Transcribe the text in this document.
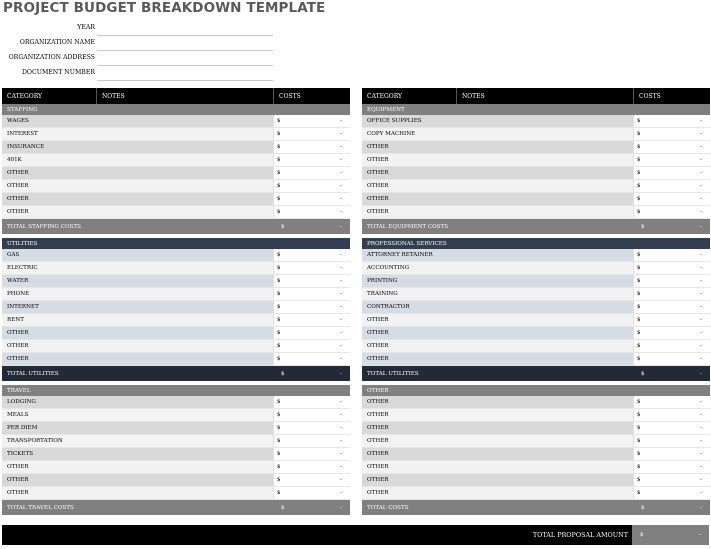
PROJECT BUDGET BREAKDOWN TEMPLATE
YEAR
ORGANIZATION NAME
ORGANIZATION ADDRESS
DOCUMENT NUMBER
CATEGORY	NOTES	COSTS
STAFFING
WAGES	$	-
INTEREST	$	-
INSURANCE	$	-
401K	$	-
OTHER	$	-
OTHER	$	-
OTHER	$	-
OTHER	$	-
TOTAL STAFFING COSTS	$	-
UTILITIES
GAS	$	-
ELECTRIC	$	-
WATER	$	-
PHONE	$	-
INTERNET	$	-
RENT	$	-
OTHER	$	-
OTHER	$	-
OTHER	$	-
TOTAL UTILITIES	$	-
TRAVEL
LODGING	$	-
MEALS	$	-
PER DIEM	$	-
TRANSPORTATION	$	-
TICKETS	$	-
OTHER	$	-
OTHER	$	-
OTHER	$	-
TOTAL TRAVEL COSTS	$	-
CATEGORY	NOTES	COSTS
EQUIPMENT
OFFICE SUPPLIES	$	-
COPY MACHINE	$	-
OTHER	$	-
OTHER	$	-
OTHER	$	-
OTHER	$	-
OTHER	$	-
OTHER	$	-
TOTAL EQUIPMENT COSTS	$	-
PROFESSIONAL SERVICES
ATTORNEY RETAINER	$	-
ACCOUNTING	$	-
PRINTING	$	-
TRAINING	$	-
CONTRACTOR	$	-
OTHER	$	-
OTHER	$	-
OTHER	$	-
OTHER	$	-
TOTAL UTILITIES	$	-
OTHER
OTHER	$	-
OTHER	$	-
OTHER	$	-
OTHER	$	-
OTHER	$	-
OTHER	$	-
OTHER	$	-
OTHER	$	-
TOTAL COSTS	$	-
TOTAL PROPOSAL AMOUNT	$	-
